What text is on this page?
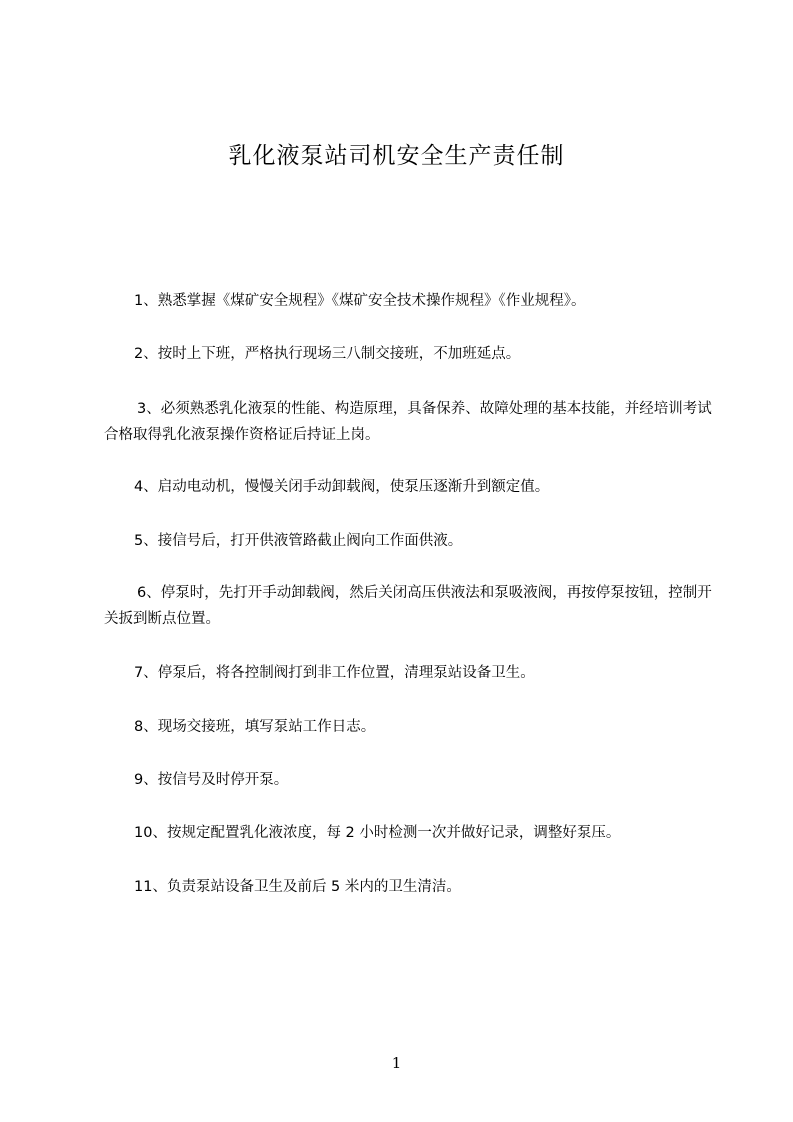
乳化液泵站司机安全生产责任制
1、熟悉掌握《煤矿安全规程》《煤矿安全技术操作规程》《作业规程》。
2、按时上下班，严格执行现场三八制交接班，不加班延点。
3、必须熟悉乳化液泵的性能、构造原理，具备保养、故障处理的基本技能，并经培训考试合格取得乳化液泵操作资格证后持证上岗。
4、启动电动机，慢慢关闭手动卸载阀，使泵压逐渐升到额定值。
5、接信号后，打开供液管路截止阀向工作面供液。
6、停泵时，先打开手动卸载阀，然后关闭高压供液法和泵吸液阀，再按停泵按钮，控制开关扳到断点位置。
7、停泵后，将各控制阀打到非工作位置，清理泵站设备卫生。
8、现场交接班，填写泵站工作日志。
9、按信号及时停开泵。
10、按规定配置乳化液浓度，每 2 小时检测一次并做好记录，调整好泵压。
11、负责泵站设备卫生及前后 5 米内的卫生清洁。
1
